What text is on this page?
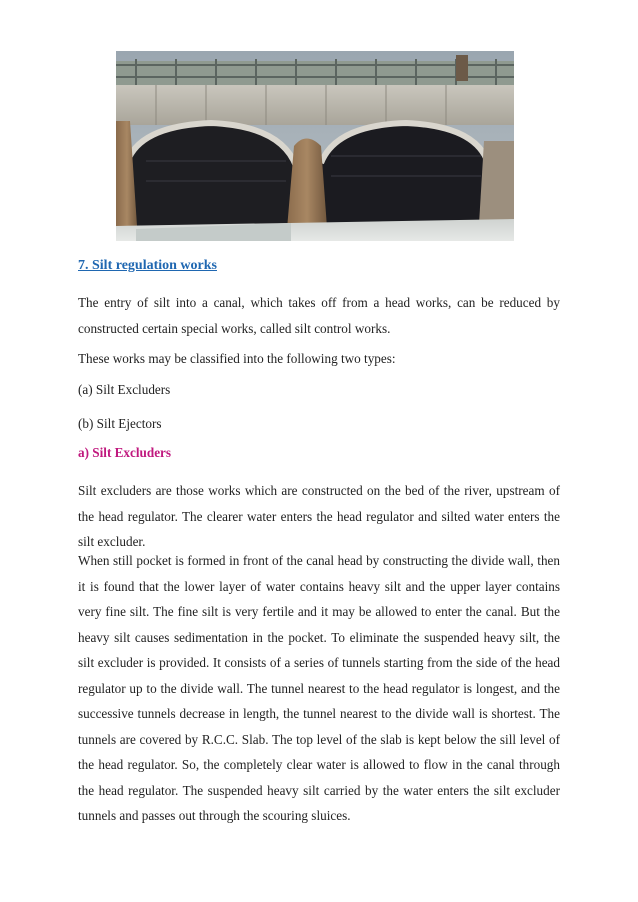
7. Silt regulation works

The entry of silt into a canal, which takes off from a head works, can be reduced by constructed certain special works, called silt control works.

These works may be classified into the following two types:

(a) Silt Excluders

(b) Silt Ejectors

a) Silt Excluders

Silt excluders are those works which are constructed on the bed of the river, upstream of the head regulator. The clearer water enters the head regulator and silted water enters the silt excluder.

When still pocket is formed in front of the canal head by constructing the divide wall, then it is found that the lower layer of water contains heavy silt and the upper layer contains very fine silt. The fine silt is very fertile and it may be allowed to enter the canal. But the heavy silt causes sedimentation in the pocket. To eliminate the suspended heavy silt, the silt excluder is provided. It consists of a series of tunnels starting from the side of the head regulator up to the divide wall. The tunnel nearest to the head regulator is longest, and the successive tunnels decrease in length, the tunnel nearest to the divide wall is shortest. The tunnels are covered by R.C.C. Slab. The top level of the slab is kept below the sill level of the head regulator. So, the completely clear water is allowed to flow in the canal through the head regulator. The suspended heavy silt carried by the water enters the silt excluder tunnels and passes out through the scouring sluices.
